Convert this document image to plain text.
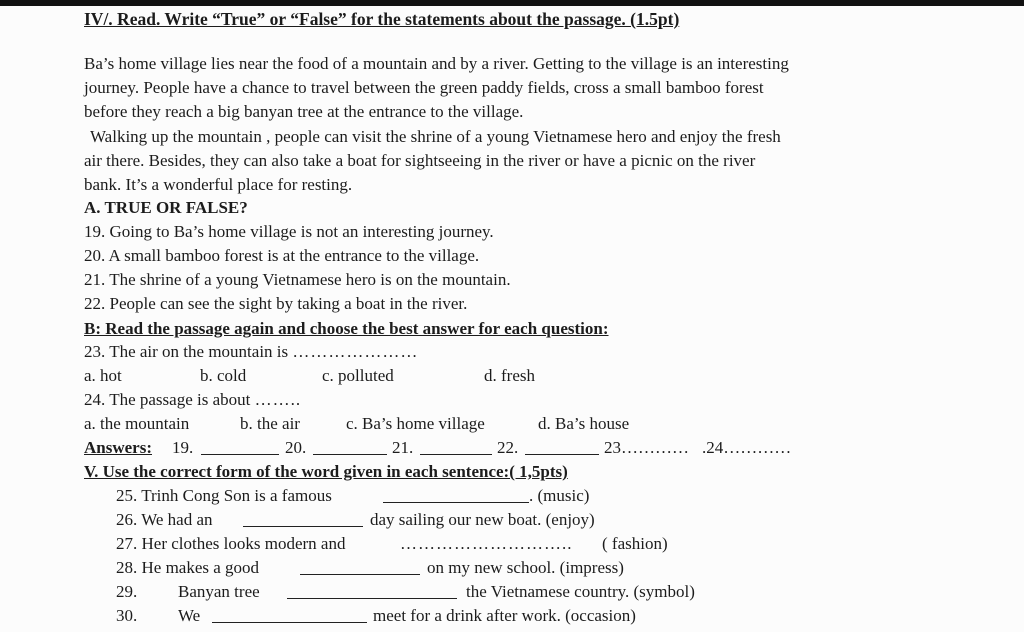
IV/. Read. Write “True” or “False” for the statements about the passage. (1.5pt)
Ba’s home village lies near the food of a mountain and by a river. Getting to the village is an interesting
journey. People have a chance to travel between the green paddy fields, cross a small bamboo forest
before they reach a big banyan tree at the entrance to the village.
Walking up the mountain , people can visit the shrine of a young Vietnamese hero and enjoy the fresh
air there. Besides, they can also take a boat for sightseeing in the river or have a picnic on the river
bank. It’s a wonderful place for resting.
A. TRUE OR FALSE?
19. Going to Ba’s home village is not an interesting journey.
20. A small bamboo forest is at the entrance to the village.
21. The shrine of a young Vietnamese hero is on the mountain.
22. People can see the sight by taking a boat in the river.
B: Read the passage again and choose the best answer for each question:
23. The air on the mountain is …………………
a. hot	b. cold	c. polluted	d. fresh
24. The passage is about ……..
a. the mountain	b. the air	c. Ba’s home village	d. Ba’s house
Answers: 19.	20.	21.	22.	23………… .24…………
V. Use the correct form of the word given in each sentence:( 1,5pts)
25. Trinh Cong Son is a famous	. (music)
26. We had an	day sailing our new boat. (enjoy)
27. Her clothes looks modern and	……………………….. ( fashion)
28. He makes a good	on my new school. (impress)
29. Banyan tree	the Vietnamese country. (symbol)
30. We	meet for a drink after work. (occasion)
